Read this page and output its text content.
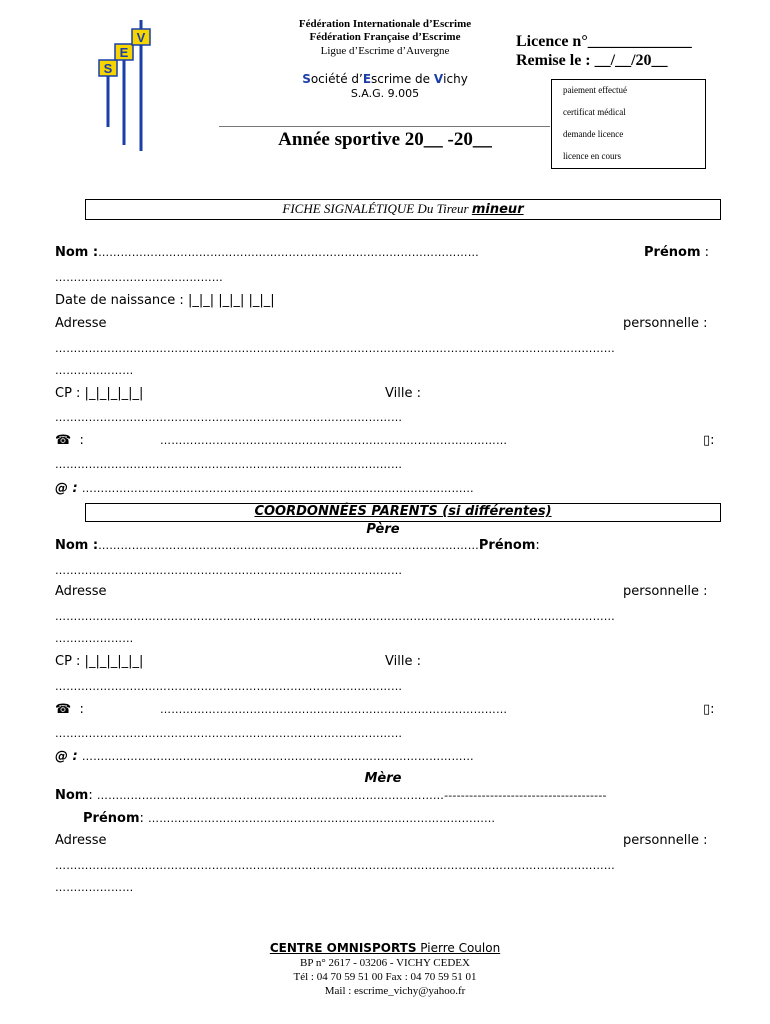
S
E
V
Fédération Internationale d’Escrime
Fédération Française d’Escrime
Ligue d’Escrime d’Auvergne
Société d’Escrime de Vichy
S.A.G. 9.005
Année sportive 20__ -20__
Licence n°_____________
Remise le : __/__/20__
paiement effectué
certificat médical
demande licence
licence en cours
FICHE SIGNALÉTIQUE Du Tireur mineur
Nom :…………………………………………………………………………………………	Prénom :
………………………………………
Date de naissance : |_|_| |_|_| |_|_|
Adresse	personnelle :
……………………………………………………………………………………………………………………………………
…………………
CP : |_|_|_|_|_|	Ville :
…………………………………………………………………………………
☎ :	…………………………………………………………………………………	▯:
…………………………………………………………………………………
@ : ……………………………………………………………………………………………
COORDONNÉES PARENTS (si différentes)
Père
Nom :…………………………………………………………………………………………Prénom:
…………………………………………………………………………………
Adresse	personnelle :
……………………………………………………………………………………………………………………………………
…………………
CP : |_|_|_|_|_|	Ville :
…………………………………………………………………………………
☎ :	…………………………………………………………………………………	▯:
…………………………………………………………………………………
@ : ……………………………………………………………………………………………
Mère
Nom: …………………………………………………………………………………---------------------------------------
Prénom: …………………………………………………………………………………
Adresse	personnelle :
……………………………………………………………………………………………………………………………………
…………………
CENTRE OMNISPORTS Pierre Coulon
BP n° 2617 - 03206 - VICHY CEDEX
Tél : 04 70 59 51 00 Fax : 04 70 59 51 01
Mail : escrime_vichy@yahoo.fr
